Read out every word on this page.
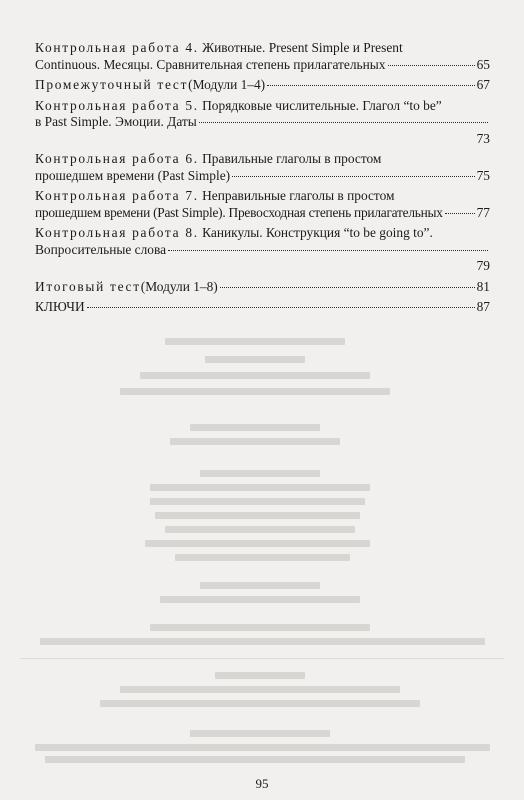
Контрольная работа 4. Животные. Present Simple и Present
Continuous. Месяцы. Сравнительная степень прилагательных	65
Промежуточный тест (Модули 1–4)	67
Контрольная работа 5. Порядковые числительные. Глагол “to be”
в Past Simple. Эмоции. Даты
73
Контрольная работа 6. Правильные глаголы в простом
прошедшем времени (Past Simple)	75
Контрольная работа 7. Неправильные глаголы в простом
прошедшем времени (Past Simple). Превосходная степень прилагательных	77
Контрольная работа 8. Каникулы. Конструкция “to be going to”.
Вопросительные слова
79
Итоговый тест (Модули 1–8)	81
КЛЮЧИ	87
95
